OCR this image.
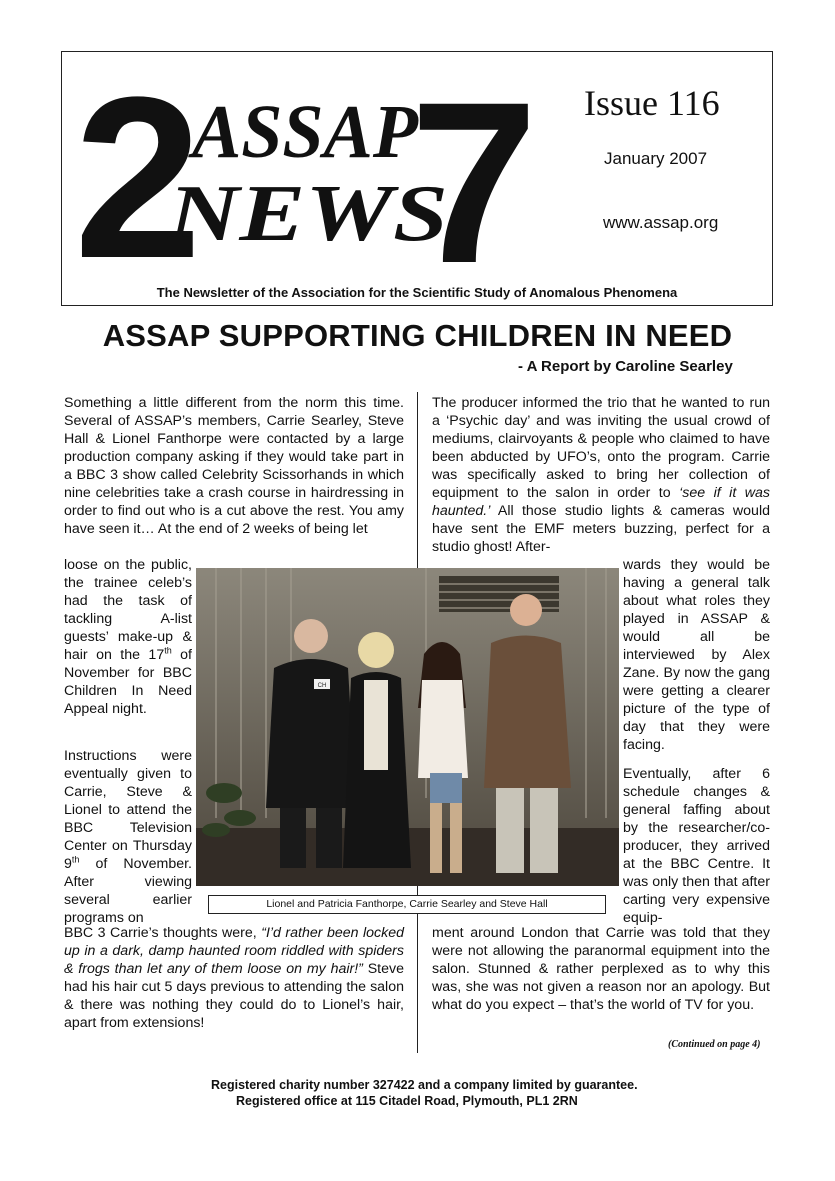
2 7
ASSAP
NEWS
Issue 116
January 2007
www.assap.org
The Newsletter of the Association for the Scientific Study of Anomalous Phenomena
ASSAP SUPPORTING CHILDREN IN NEED
- A Report by Caroline Searley

Something a little different from the norm this time. Several of ASSAP’s members, Carrie Searley, Steve Hall & Lionel Fanthorpe were contacted by a large production company asking if they would take part in a BBC 3 show called Celebrity Scissorhands in which nine celebrities take a crash course in hairdressing in order to find out who is a cut above the rest. You amy have seen it… At the end of 2 weeks of being let

loose on the public, the trainee celeb’s had the task of tackling A-list guests’ make-up & hair on the 17th of November for BBC Children In Need Appeal night.

Instructions were eventually given to Carrie, Steve & Lionel to attend the BBC Television Center on Thursday 9th of November. After viewing several earlier programs on

BBC 3 Carrie’s thoughts were, “I’d rather been locked up in a dark, damp haunted room riddled with spiders & frogs than let any of them loose on my hair!” Steve had his hair cut 5 days previous to attending the salon & there was nothing they could do to Lionel’s hair, apart from extensions!

The producer informed the trio that he wanted to run a ‘Psychic day’ and was inviting the usual crowd of mediums, clairvoyants & people who claimed to have been abducted by UFO’s, onto the program. Carrie was specifically asked to bring her collection of equipment to the salon in order to ‘see if it was haunted.’ All those studio lights & cameras would have sent the EMF meters buzzing, perfect for a studio ghost! After-

wards they would be having a general talk about what roles they played in ASSAP & would all be interviewed by Alex Zane. By now the gang were getting a clearer picture of the type of day that they were facing.

Eventually, after 6 schedule changes & general faffing about by the researcher/co-producer, they arrived at the BBC Centre. It was only then that after carting very expensive equip-

ment around London that Carrie was told that they were not allowing the paranormal equipment into the salon. Stunned & rather perplexed as to why this was, she was not given a reason nor an apology. But what do you expect – that’s the world of TV for you.

CH
Lionel and Patricia Fanthorpe, Carrie Searley and Steve Hall
(Continued on page 4)
Registered charity number 327422 and a company limited by guarantee.
Registered office at 115 Citadel Road, Plymouth, PL1 2RN
